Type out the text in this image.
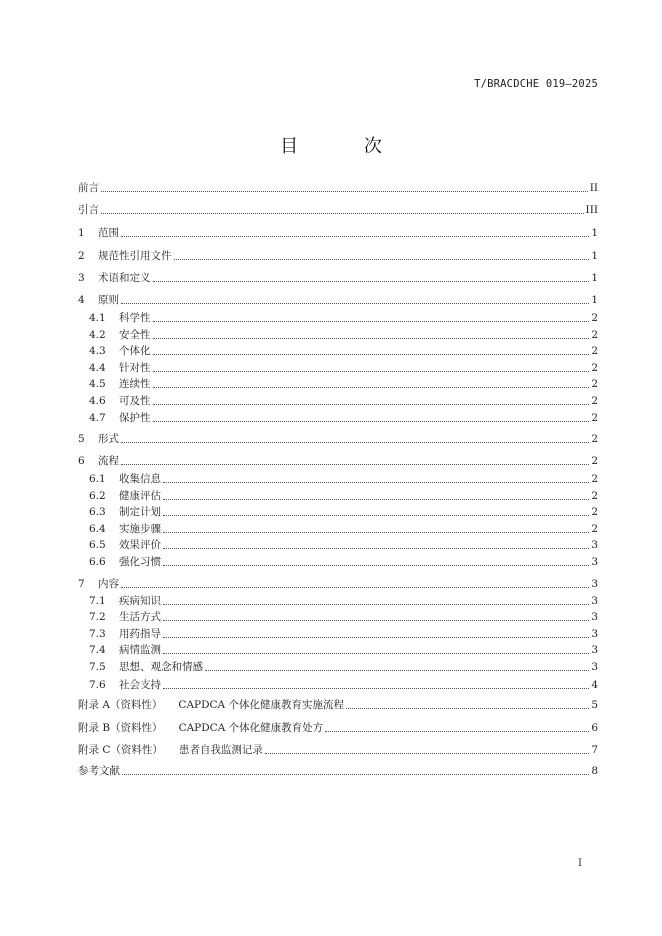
T/BRACDCHE 019—2025
目 次
前言	II
引言	III
1 范围	1
2 规范性引用文件	1
3 术语和定义	1
4 原则	1
4.1 科学性	2
4.2 安全性	2
4.3 个体化	2
4.4 针对性	2
4.5 连续性	2
4.6 可及性	2
4.7 保护性	2
5 形式	2
6 流程	2
6.1 收集信息	2
6.2 健康评估	2
6.3 制定计划	2
6.4 实施步骤	2
6.5 效果评价	3
6.6 强化习惯	3
7 内容	3
7.1 疾病知识	3
7.2 生活方式	3
7.3 用药指导	3
7.4 病情监测	3
7.5 思想、观念和情感	3
7.6 社会支持	4
附录 A（资料性） CAPDCA 个体化健康教育实施流程	5
附录 B（资料性） CAPDCA 个体化健康教育处方	6
附录 C（资料性） 患者自我监测记录	7
参考文献	8
I
